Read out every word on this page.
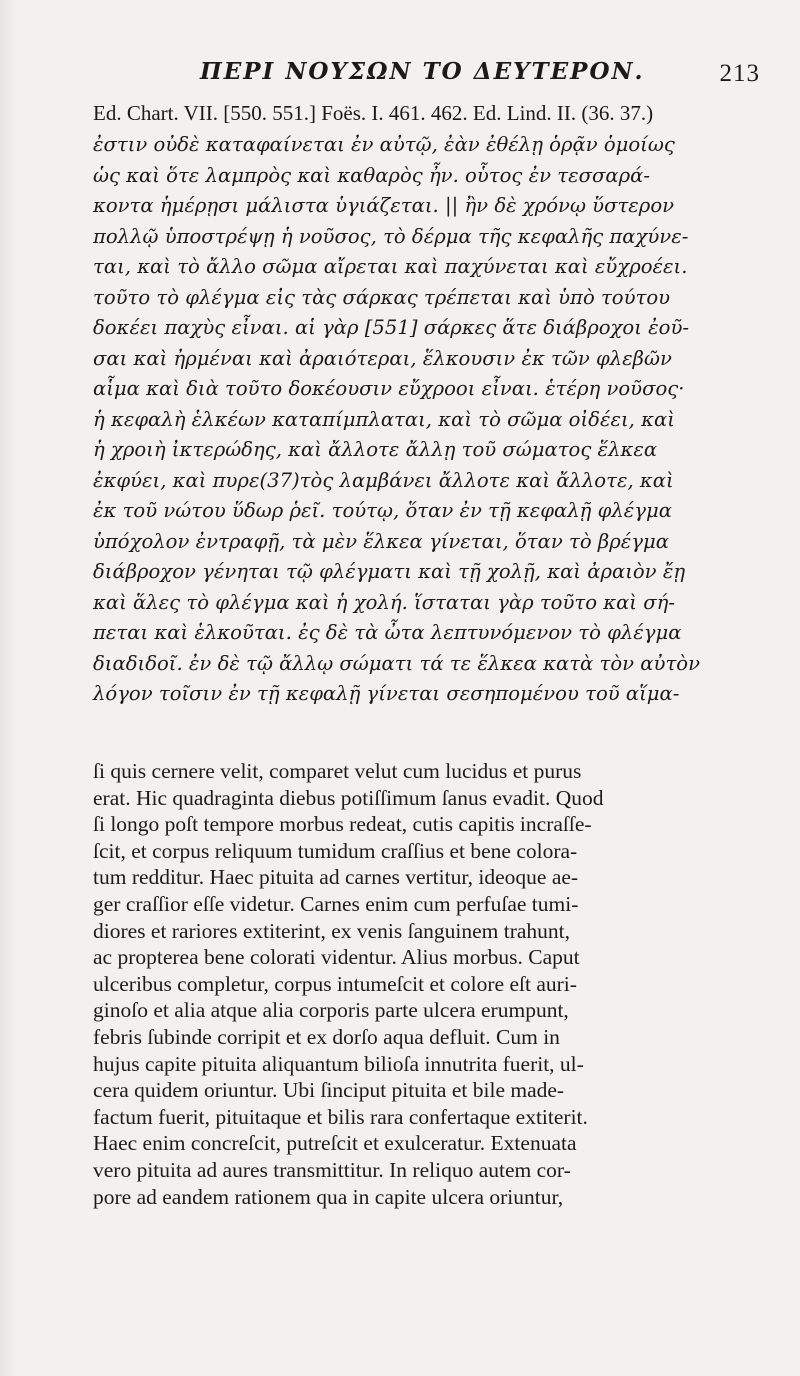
ΠΕΡΙ ΝΟΥΣΩΝ ΤΟ ΔΕΥΤΕΡΟΝ.	213
Ed. Chart. VII. [550. 551.] Foës. I. 461. 462. Ed. Lind. II. (36. 37.)
ἐστιν οὐδὲ καταφαίνεται ἐν αὐτῷ, ἐὰν ἐθέλῃ ὁρᾷν ὁμοίως
ὡς καὶ ὅτε λαμπρὸς καὶ καθαρὸς ἦν. οὗτος ἐν τεσσαρά-
κοντα ἡμέρῃσι μάλιστα ὑγιάζεται. || ἢν δὲ χρόνῳ ὕστερον
πολλῷ ὑποστρέψῃ ἡ νοῦσος, τὸ δέρμα τῆς κεφαλῆς παχύνε-
ται, καὶ τὸ ἄλλο σῶμα αἴρεται καὶ παχύνεται καὶ εὔχροέει.
τοῦτο τὸ φλέγμα εἰς τὰς σάρκας τρέπεται καὶ ὑπὸ τούτου
δοκέει παχὺς εἶναι. αἱ γὰρ [551] σάρκες ἅτε διάβροχοι ἐοῦ-
σαι καὶ ἠρμέναι καὶ ἀραιότεραι, ἕλκουσιν ἐκ τῶν φλεβῶν
αἷμα καὶ διὰ τοῦτο δοκέουσιν εὔχροοι εἶναι. ἑτέρη νοῦσος·
ἡ κεφαλὴ ἑλκέων καταπίμπλαται, καὶ τὸ σῶμα οἰδέει, καὶ
ἡ χροιὴ ἰκτερώδης, καὶ ἄλλοτε ἄλλῃ τοῦ σώματος ἕλκεα
ἐκφύει, καὶ πυρε(37)τὸς λαμβάνει ἄλλοτε καὶ ἄλλοτε, καὶ
ἐκ τοῦ νώτου ὕδωρ ῥεῖ. τούτῳ, ὅταν ἐν τῇ κεφαλῇ φλέγμα
ὑπόχολον ἐντραφῇ, τὰ μὲν ἕλκεα γίνεται, ὅταν τὸ βρέγμα
διάβροχον γένηται τῷ φλέγματι καὶ τῇ χολῇ, καὶ ἀραιὸν ἔῃ
καὶ ἅλες τὸ φλέγμα καὶ ἡ χολή. ἵσταται γὰρ τοῦτο καὶ σή-
πεται καὶ ἑλκοῦται. ἐς δὲ τὰ ὦτα λεπτυνόμενον τὸ φλέγμα
διαδιδοῖ. ἐν δὲ τῷ ἄλλῳ σώματι τά τε ἕλκεα κατὰ τὸν αὐτὸν
λόγον τοῖσιν ἐν τῇ κεφαλῇ γίνεται σεσηπομένου τοῦ αἵμα-
ſi quis cernere velit, comparet velut cum lucidus et purus
erat. Hic quadraginta diebus potiſſimum ſanus evadit. Quod
ſi longo poſt tempore morbus redeat, cutis capitis incraſſe-
ſcit, et corpus reliquum tumidum craſſius et bene colora-
tum redditur. Haec pituita ad carnes vertitur, ideoque ae-
ger craſſior eſſe videtur. Carnes enim cum perfuſae tumi-
diores et rariores extiterint, ex venis ſanguinem trahunt,
ac propterea bene colorati videntur. Alius morbus. Caput
ulceribus completur, corpus intumeſcit et colore eſt auri-
ginoſo et alia atque alia corporis parte ulcera erumpunt,
febris ſubinde corripit et ex dorſo aqua defluit. Cum in
hujus capite pituita aliquantum bilioſa innutrita fuerit, ul-
cera quidem oriuntur. Ubi ſinciput pituita et bile made-
factum fuerit, pituitaque et bilis rara confertaque extiterit.
Haec enim concreſcit, putreſcit et exulceratur. Extenuata
vero pituita ad aures transmittitur. In reliquo autem cor-
pore ad eandem rationem qua in capite ulcera oriuntur,
